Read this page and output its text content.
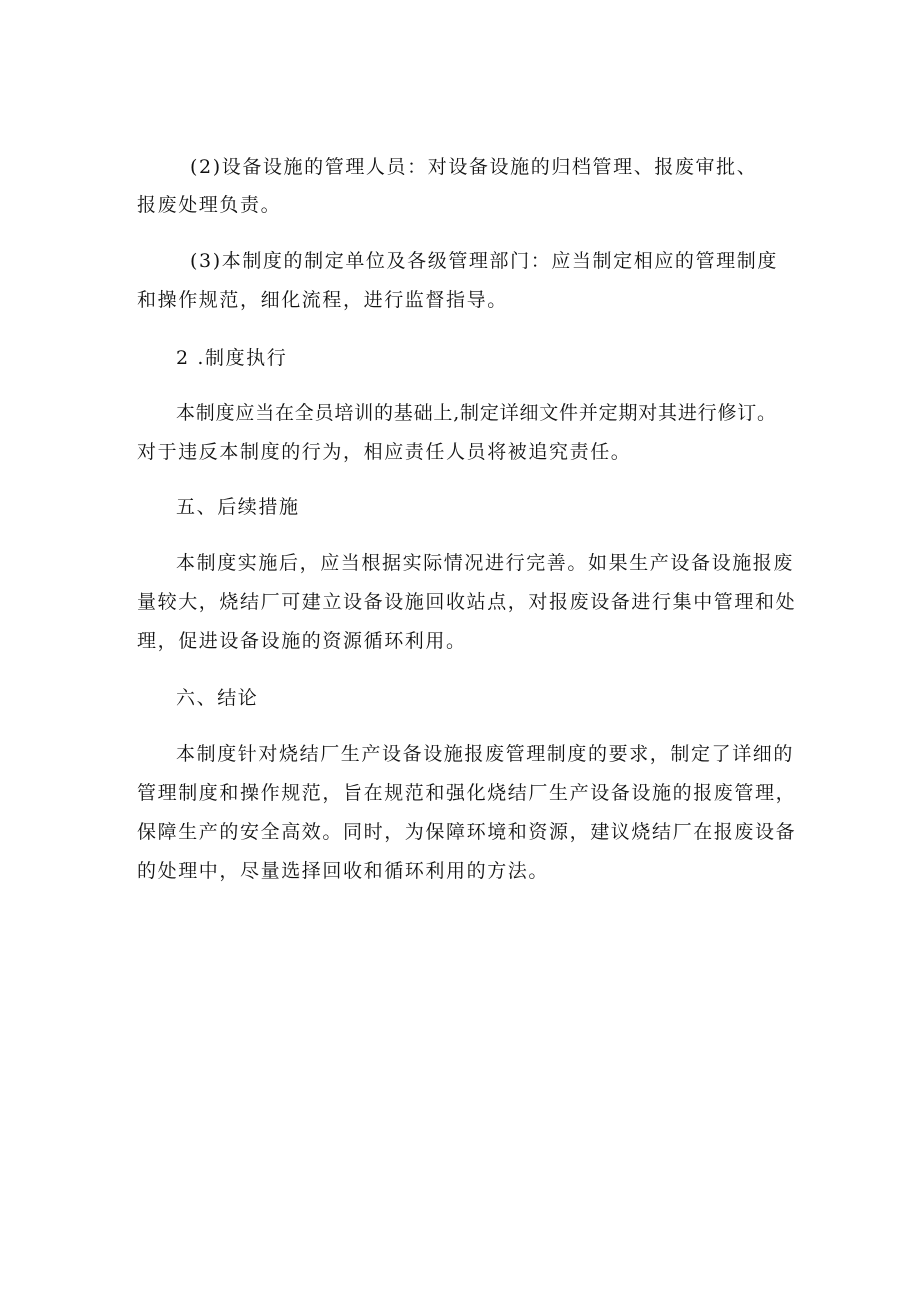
(2)设备设施的管理人员：对设备设施的归档管理、报废审批、
报废处理负责。
(3)本制度的制定单位及各级管理部门：应当制定相应的管理制度
和操作规范，细化流程，进行监督指导。
2 .制度执行
本制度应当在全员培训的基础上,制定详细文件并定期对其进行修订。
对于违反本制度的行为，相应责任人员将被追究责任。
五、后续措施
本制度实施后，应当根据实际情况进行完善。如果生产设备设施报废
量较大，烧结厂可建立设备设施回收站点，对报废设备进行集中管理和处
理，促进设备设施的资源循环利用。
六、结论
本制度针对烧结厂生产设备设施报废管理制度的要求，制定了详细的
管理制度和操作规范，旨在规范和强化烧结厂生产设备设施的报废管理，
保障生产的安全高效。同时，为保障环境和资源，建议烧结厂在报废设备
的处理中，尽量选择回收和循环利用的方法。
